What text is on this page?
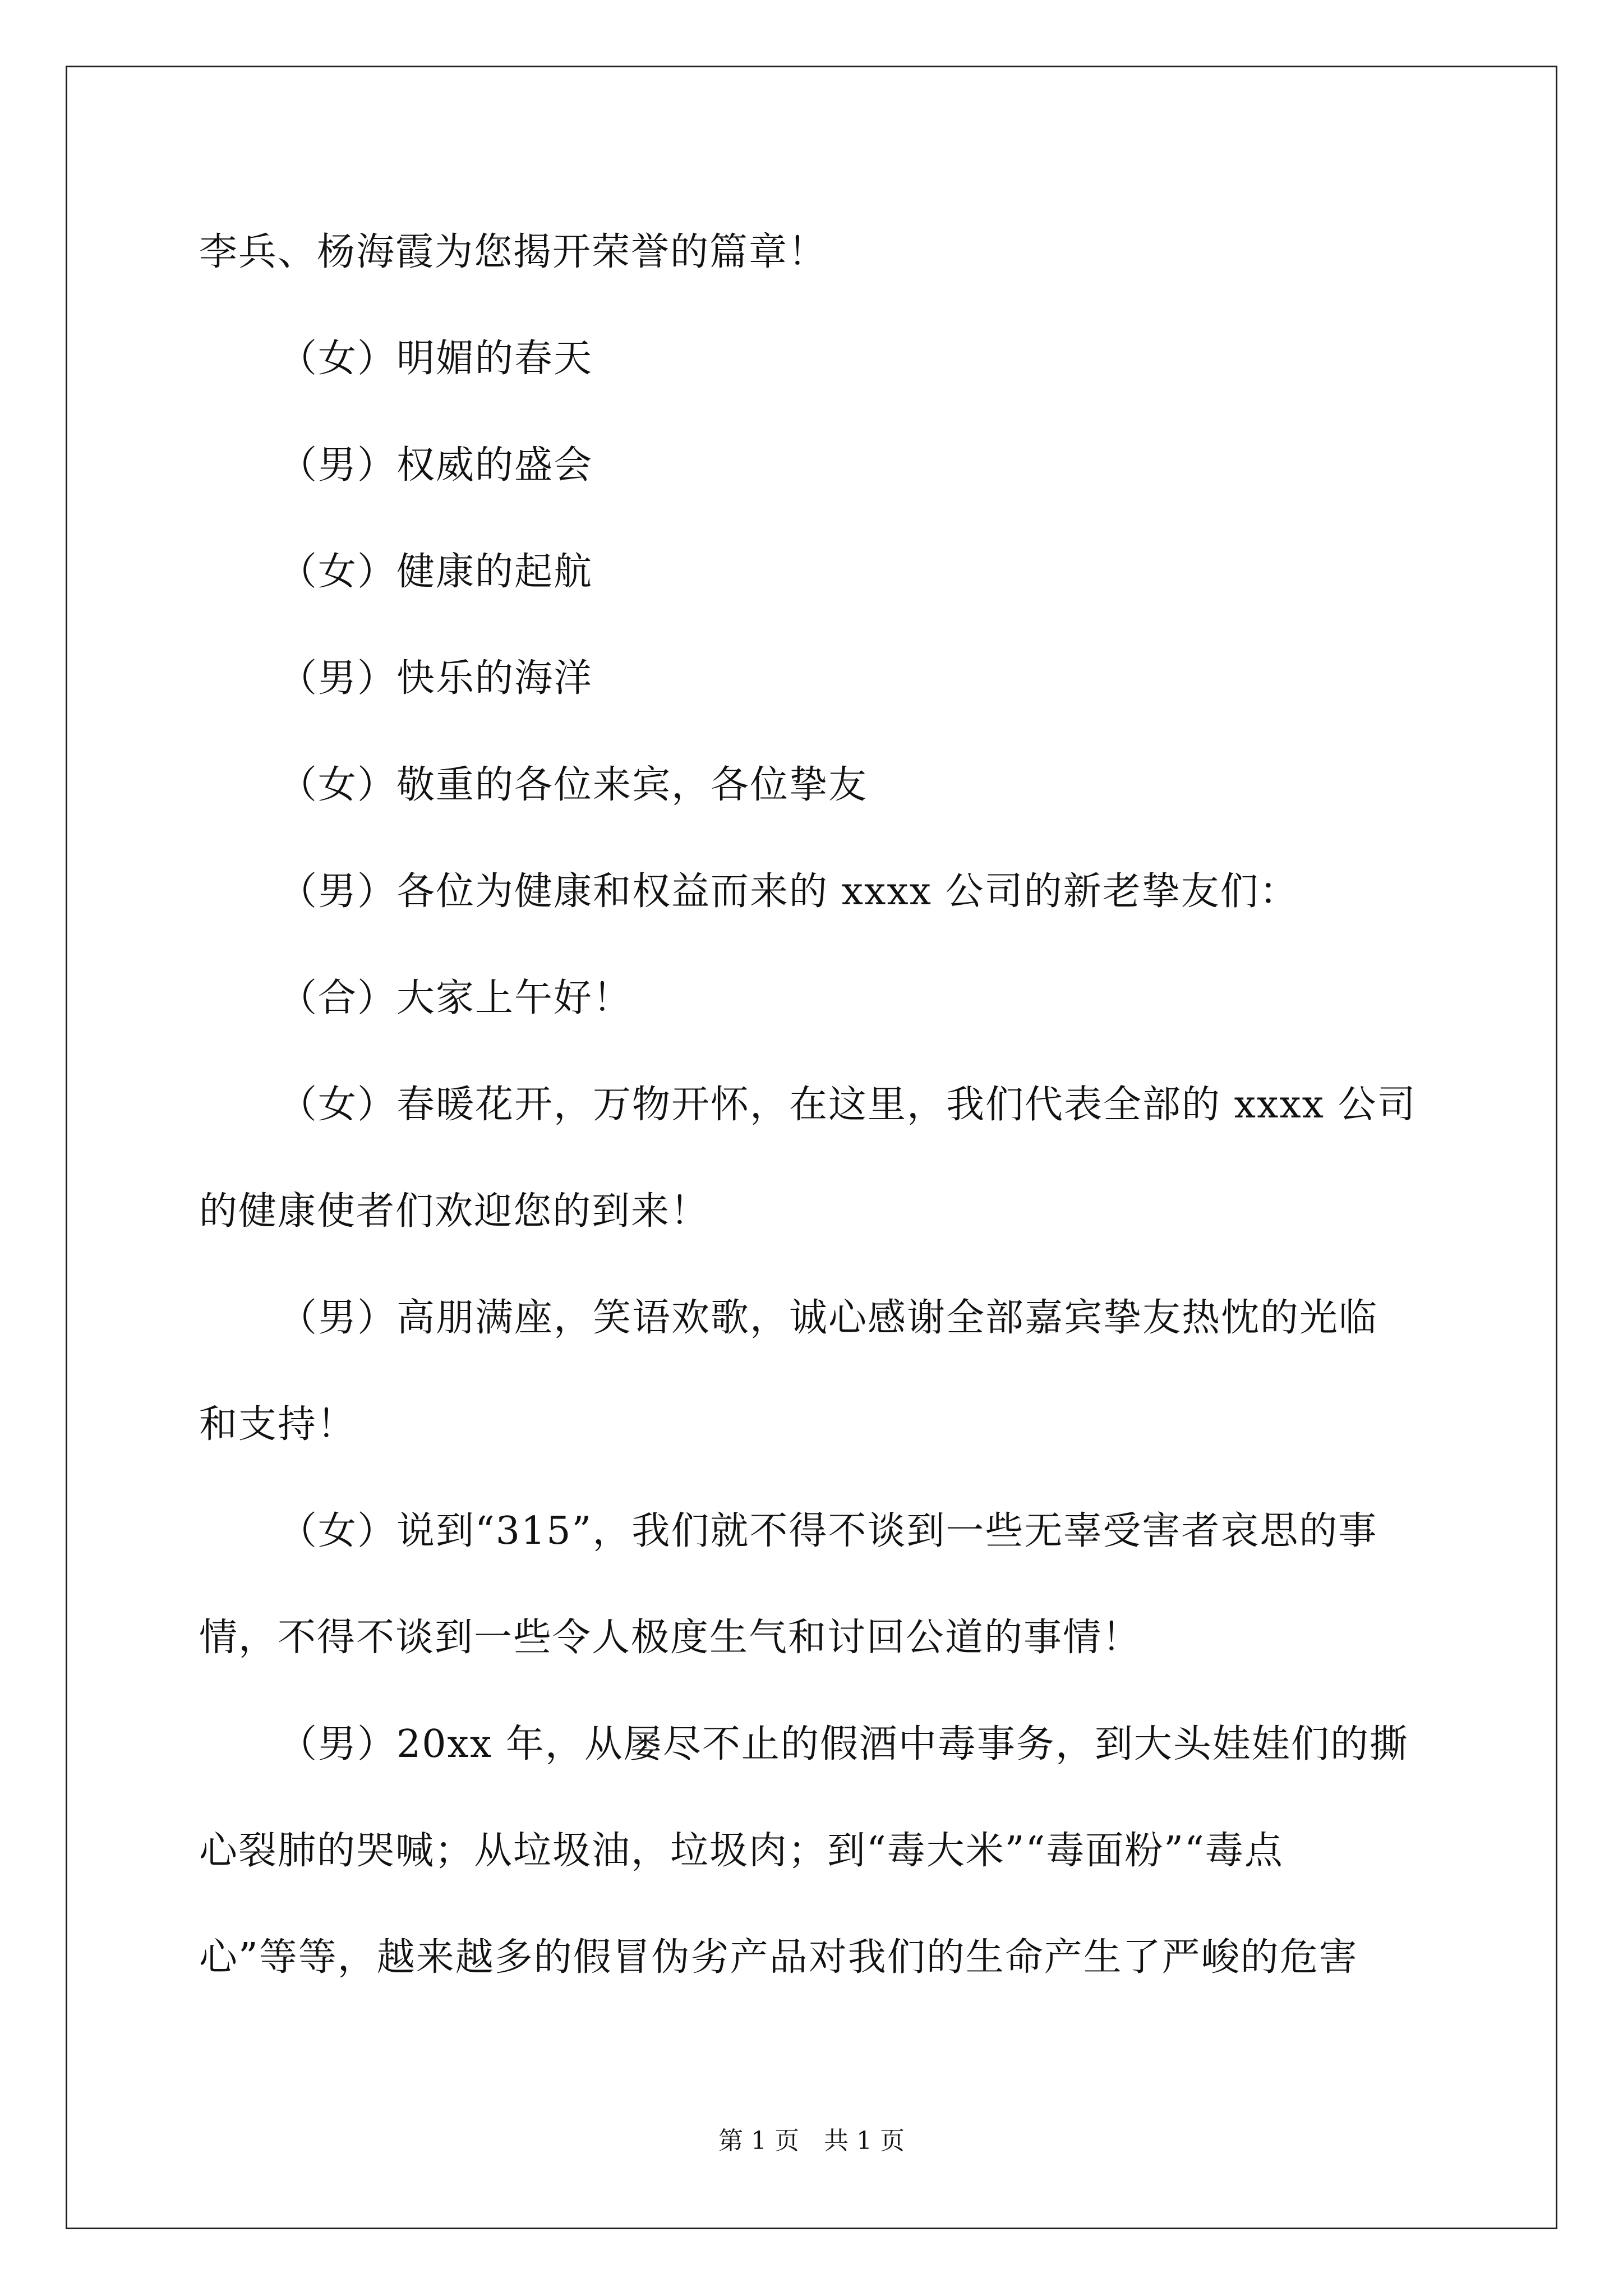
李兵、杨海霞为您揭开荣誉的篇章！
（女）明媚的春天
（男）权威的盛会
（女）健康的起航
（男）快乐的海洋
（女）敬重的各位来宾，各位挚友
（男）各位为健康和权益而来的 xxxx 公司的新老挚友们：
（合）大家上午好！
（女）春暖花开，万物开怀，在这里，我们代表全部的 xxxx 公司
的健康使者们欢迎您的到来！
（男）高朋满座，笑语欢歌，诚心感谢全部嘉宾挚友热忱的光临
和支持！
（女）说到“315”，我们就不得不谈到一些无辜受害者哀思的事
情，不得不谈到一些令人极度生气和讨回公道的事情！
（男）20xx 年，从屡尽不止的假酒中毒事务，到大头娃娃们的撕
心裂肺的哭喊；从垃圾油，垃圾肉；到“毒大米”“毒面粉”“毒点
心”等等，越来越多的假冒伪劣产品对我们的生命产生了严峻的危害
第 1 页　共 1 页
